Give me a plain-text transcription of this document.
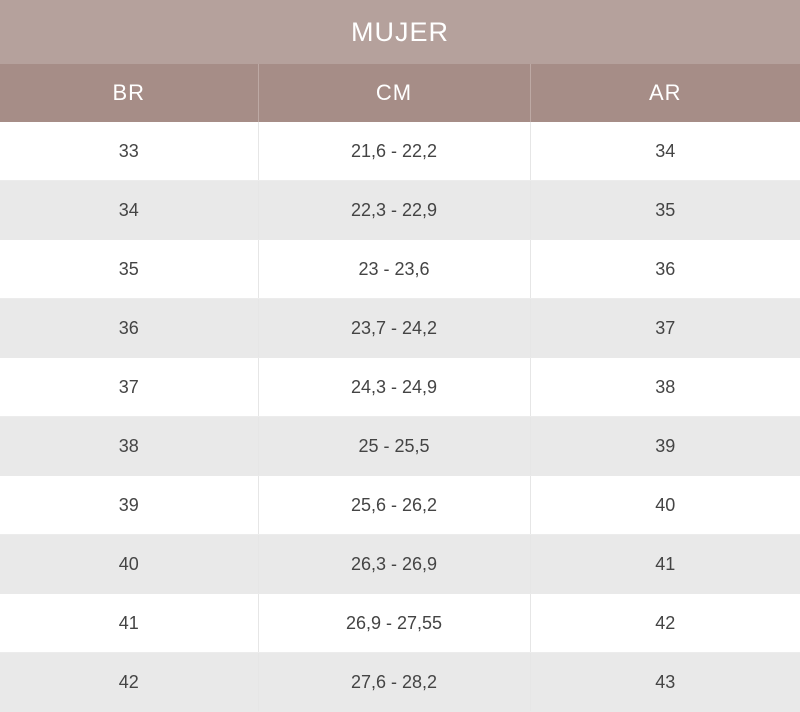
MUJER		
BR	CM	AR
33	21,6 - 22,2	34
34	22,3 - 22,9	35
35	23 - 23,6	36
36	23,7 - 24,2	37
37	24,3 - 24,9	38
38	25 - 25,5	39
39	25,6 - 26,2	40
40	26,3 - 26,9	41
41	26,9 - 27,55	42
42	27,6 - 28,2	43
